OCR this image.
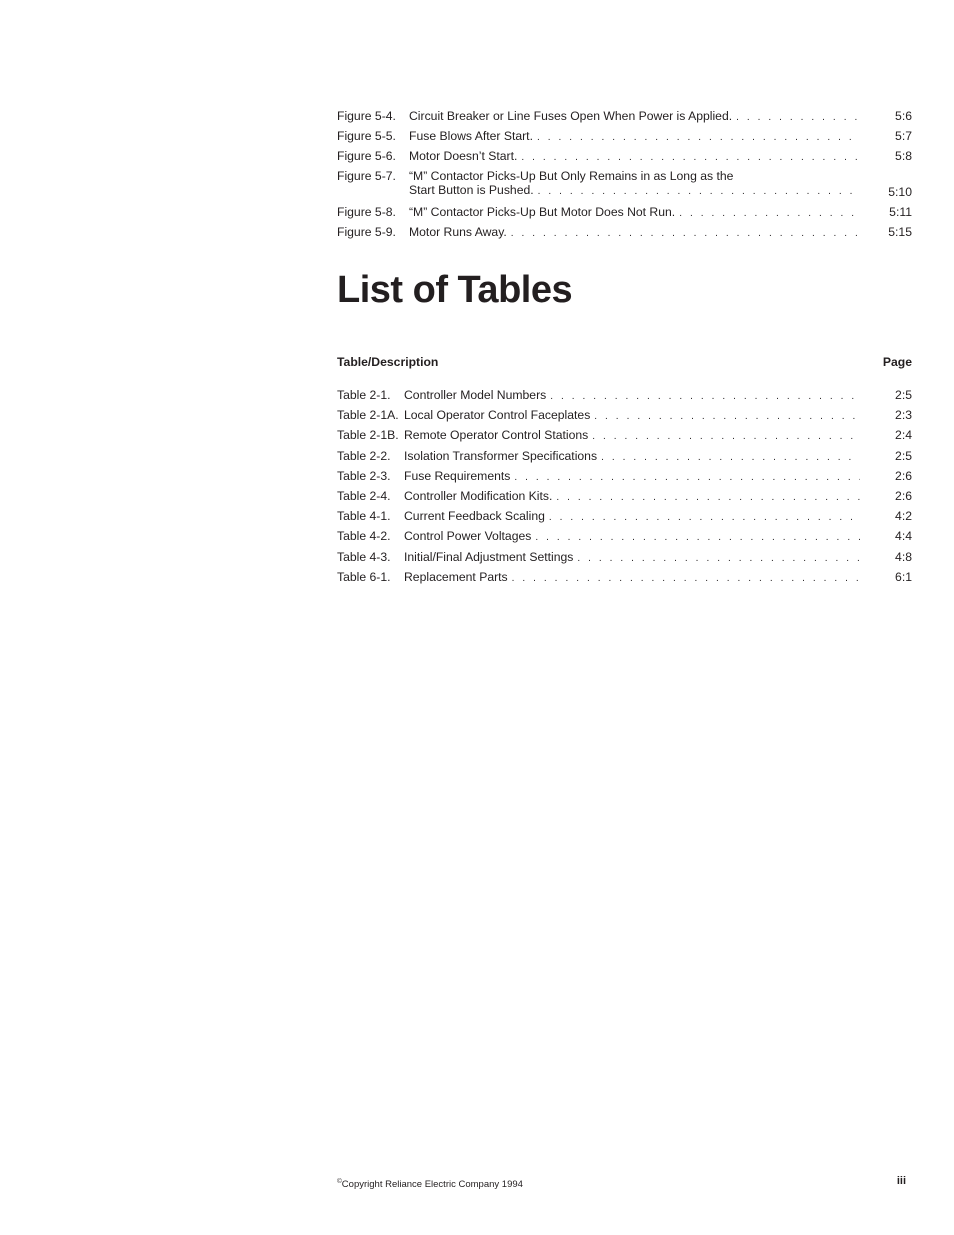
Figure 5-4.	Circuit Breaker or Line Fuses Open When Power is Applied. . . .	5:6
Figure 5-5.	Fuse Blows After Start. . . .	5:7
Figure 5-6.	Motor Doesn’t Start. . . .	5:8
Figure 5-7.	“M” Contactor Picks-Up But Only Remains in as Long as the
Start Button is Pushed. . . .	5:10
Figure 5-8.	“M” Contactor Picks-Up But Motor Does Not Run. . . .	5:11
Figure 5-9.	Motor Runs Away. . . .	5:15
List of Tables
Table/Description	Page
Table 2-1.	Controller Model Numbers . . .	2:5
Table 2-1A. Local Operator Control Faceplates . . .	2:3
Table 2-1B. Remote Operator Control Stations . . .	2:4
Table 2-2.	Isolation Transformer Specifications . . .	2:5
Table 2-3.	Fuse Requirements . . .	2:6
Table 2-4.	Controller Modification Kits. . . .	2:6
Table 4-1.	Current Feedback Scaling . . .	4:2
Table 4-2.	Control Power Voltages . . .	4:4
Table 4-3.	Initial/Final Adjustment Settings . . .	4:8
Table 6-1.	Replacement Parts . . .	6:1
©Copyright Reliance Electric Company 1994	iii
